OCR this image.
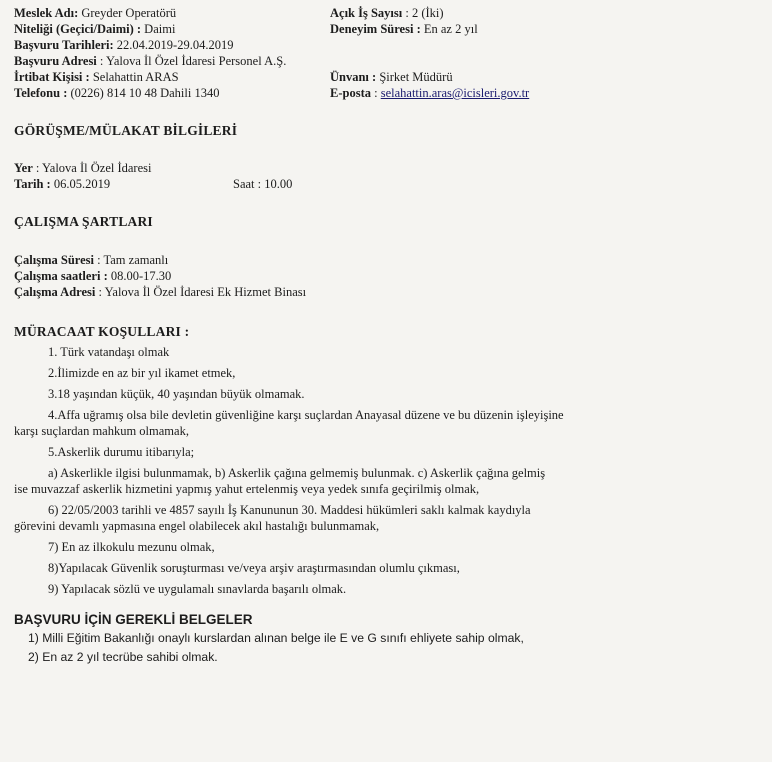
Meslek Adı: Greyder Operatörü	Açık İş Sayısı : 2 (İki)
Niteliği (Geçici/Daimi) : Daimi	Deneyim Süresi : En az 2 yıl
Başvuru Tarihleri: 22.04.2019-29.04.2019
Başvuru Adresi : Yalova İl Özel İdaresi Personel A.Ş.
İrtibat Kişisi : Selahattin ARAS	Ünvanı : Şirket Müdürü
Telefonu : (0226) 814 10 48 Dahili 1340	E-posta : selahattin.aras@icisleri.gov.tr
GÖRÜŞME/MÜLAKAT BİLGİLERİ
Yer : Yalova İl Özel İdaresi
Tarih : 06.05.2019	Saat : 10.00
ÇALIŞMA ŞARTLARI
Çalışma Süresi : Tam zamanlı
Çalışma saatleri : 08.00-17.30
Çalışma Adresi : Yalova İl Özel İdaresi Ek Hizmet Binası
MÜRACAAT KOŞULLARI :
1. Türk vatandaşı olmak
2.İlimizde en az bir yıl ikamet etmek,
3.18 yaşından küçük, 40 yaşından büyük olmamak.
4.Affa uğramış olsa bile devletin güvenliğine karşı suçlardan Anayasal düzene ve bu düzenin işleyişine
karşı suçlardan mahkum olmamak,
5.Askerlik durumu itibarıyla;
a) Askerlikle ilgisi bulunmamak, b) Askerlik çağına gelmemiş bulunmak. c) Askerlik çağına gelmiş
ise muvazzaf askerlik hizmetini yapmış yahut ertelenmiş veya yedek sınıfa geçirilmiş olmak,
6) 22/05/2003 tarihli ve 4857 sayılı İş Kanununun 30. Maddesi hükümleri saklı kalmak kaydıyla
görevini devamlı yapmasına engel olabilecek akıl hastalığı bulunmamak,
7) En az ilkokulu mezunu olmak,
8)Yapılacak Güvenlik soruşturması ve/veya arşiv araştırmasından olumlu çıkması,
9) Yapılacak sözlü ve uygulamalı sınavlarda başarılı olmak.
BAŞVURU İÇİN GEREKLİ BELGELER
1) Milli Eğitim Bakanlığı onaylı kurslardan alınan belge ile E ve G sınıfı ehliyete sahip olmak,
2) En az 2 yıl tecrübe sahibi olmak.
